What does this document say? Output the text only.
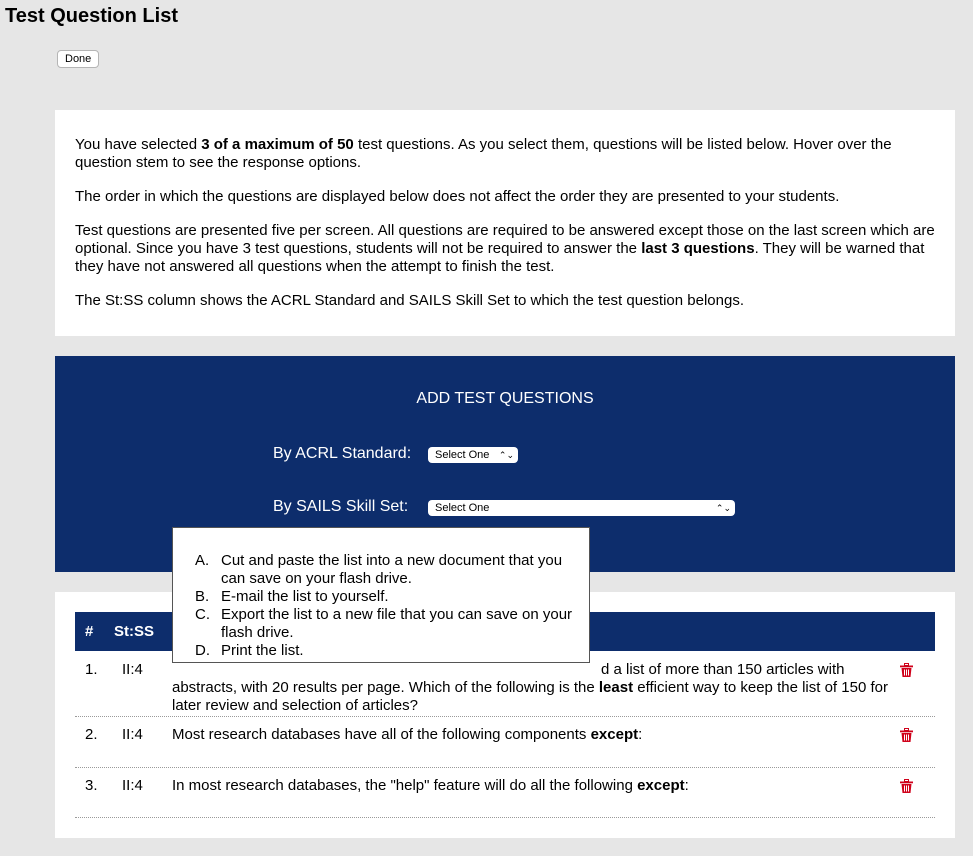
Test Question List
Done

You have selected 3 of a maximum of 50 test questions. As you select them, questions will be listed below. Hover over the question stem to see the response options.

The order in which the questions are displayed below does not affect the order they are presented to your students.

Test questions are presented five per screen. All questions are required to be answered except those on the last screen which are optional. Since you have 3 test questions, students will not be required to answer the last 3 questions. They will be warned that they have not answered all questions when the attempt to finish the test.

The St:SS column shows the ACRL Standard and SAILS Skill Set to which the test question belongs.

ADD TEST QUESTIONS
By ACRL Standard:	Select One ⌃⌄
By SAILS Skill Set:	Select One	⌃⌄
# St:SS
1. II:4	d a list of more than 150 articles with
abstracts, with 20 results per page. Which of the following is the least efficient way to keep the list of 150 for later review and selection of articles?
2. II:4 Most research databases have all of the following components except:
3. II:4 In most research databases, the "help" feature will do all the following except:
A. Cut and paste the list into a new document that you can save on your flash drive.
B. E-mail the list to yourself.
C. Export the list to a new file that you can save on your flash drive.
D. Print the list.
